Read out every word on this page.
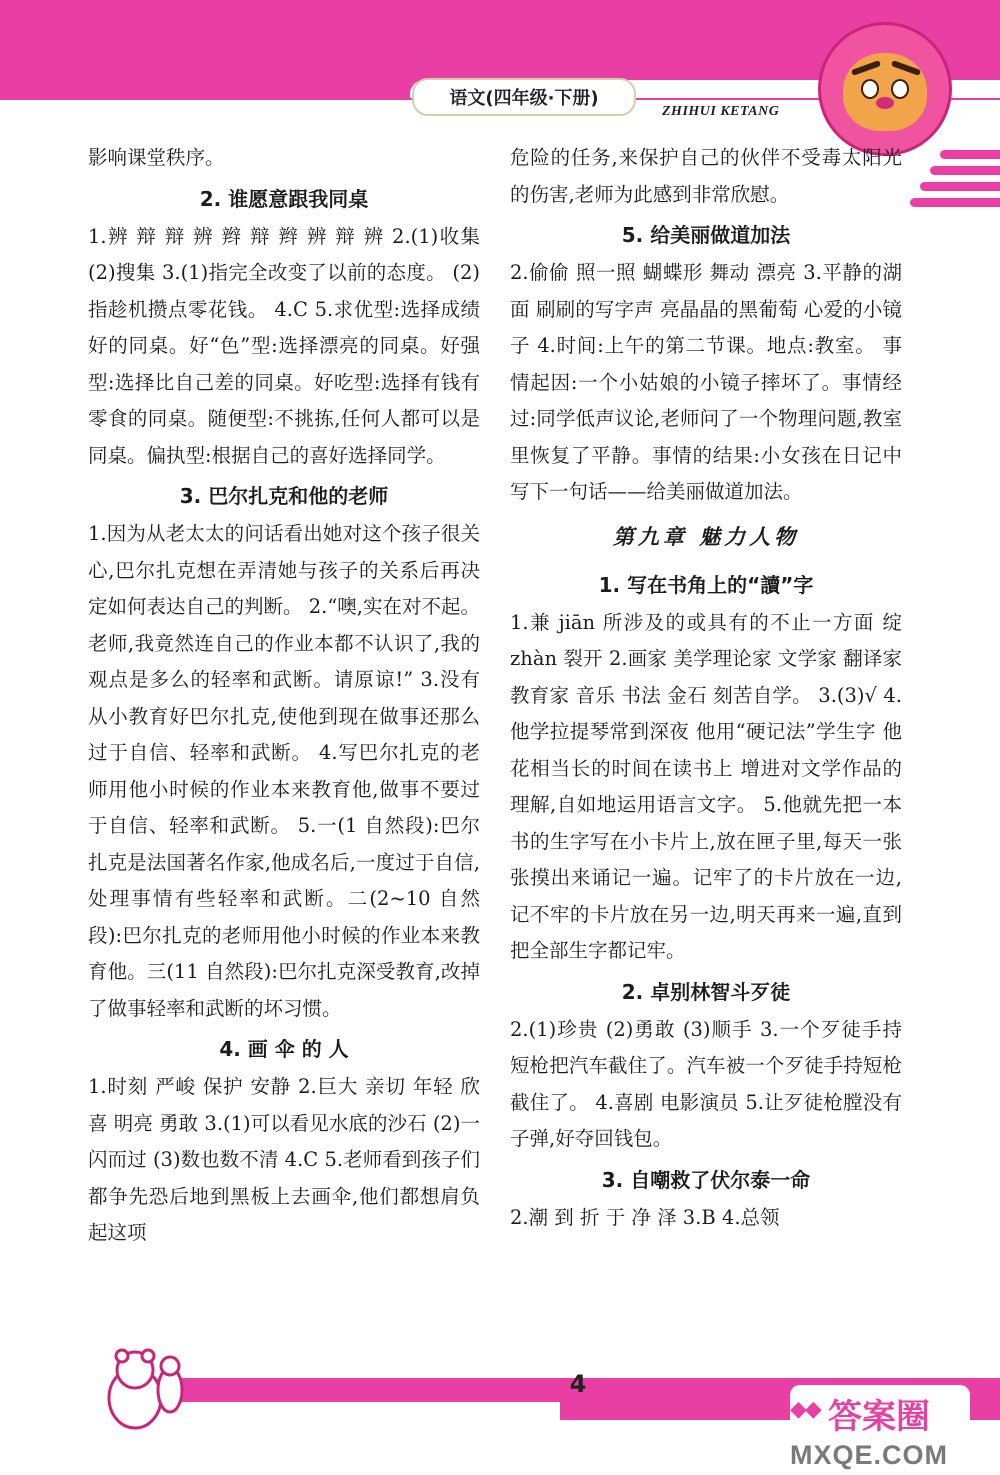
语文(四年级·下册)
ZHIHUI KETANG

影响课堂秩序。

2. 谁愿意跟我同桌

1.辨 辩 辩 辨 辫 辩 辫 辨 辩 辨 2.(1)收集 (2)搜集 3.(1)指完全改变了以前的态度。 (2)指趁机攒点零花钱。 4.C 5.求优型:选择成绩好的同桌。好“色”型:选择漂亮的同桌。好强型:选择比自己差的同桌。好吃型:选择有钱有零食的同桌。随便型:不挑拣,任何人都可以是同桌。偏执型:根据自己的喜好选择同学。

3. 巴尔扎克和他的老师

1.因为从老太太的问话看出她对这个孩子很关心,巴尔扎克想在弄清她与孩子的关系后再决定如何表达自己的判断。 2.“噢,实在对不起。老师,我竟然连自己的作业本都不认识了,我的观点是多么的轻率和武断。请原谅!” 3.没有从小教育好巴尔扎克,使他到现在做事还那么过于自信、轻率和武断。 4.写巴尔扎克的老师用他小时候的作业本来教育他,做事不要过于自信、轻率和武断。 5.一(1 自然段):巴尔扎克是法国著名作家,他成名后,一度过于自信,处理事情有些轻率和武断。二(2~10 自然段):巴尔扎克的老师用他小时候的作业本来教育他。三(11 自然段):巴尔扎克深受教育,改掉了做事轻率和武断的坏习惯。

4. 画 伞 的 人

1.时刻 严峻 保护 安静 2.巨大 亲切 年轻 欣喜 明亮 勇敢 3.(1)可以看见水底的沙石 (2)一闪而过 (3)数也数不清 4.C 5.老师看到孩子们都争先恐后地到黑板上去画伞,他们都想肩负起这项

危险的任务,来保护自己的伙伴不受毒太阳光的伤害,老师为此感到非常欣慰。

5. 给美丽做道加法

2.偷偷 照一照 蝴蝶形 舞动 漂亮 3.平静的湖面 刷刷的写字声 亮晶晶的黑葡萄 心爱的小镜子 4.时间:上午的第二节课。地点:教室。 事情起因:一个小姑娘的小镜子摔坏了。事情经过:同学低声议论,老师问了一个物理问题,教室里恢复了平静。事情的结果:小女孩在日记中写下一句话——给美丽做道加法。

第九章 魅力人物
1. 写在书角上的“讀”字

1.兼 jiān 所涉及的或具有的不止一方面 绽 zhàn 裂开 2.画家 美学理论家 文学家 翻译家 教育家 音乐 书法 金石 刻苦自学。 3.(3)√ 4.他学拉提琴常到深夜 他用“硬记法”学生字 他花相当长的时间在读书上 增进对文学作品的理解,自如地运用语言文字。 5.他就先把一本书的生字写在小卡片上,放在匣子里,每天一张张摸出来诵记一遍。记牢了的卡片放在一边,记不牢的卡片放在另一边,明天再来一遍,直到把全部生字都记牢。

2. 卓别林智斗歹徒

2.(1)珍贵 (2)勇敢 (3)顺手 3.一个歹徒手持短枪把汽车截住了。汽车被一个歹徒手持短枪截住了。 4.喜剧 电影演员 5.让歹徒枪膛没有子弹,好夺回钱包。

3. 自嘲救了伏尔泰一命

2.潮 到 折 于 净 泽 3.B 4.总领

4
◆◆ 答案圈
MXQE.COM
